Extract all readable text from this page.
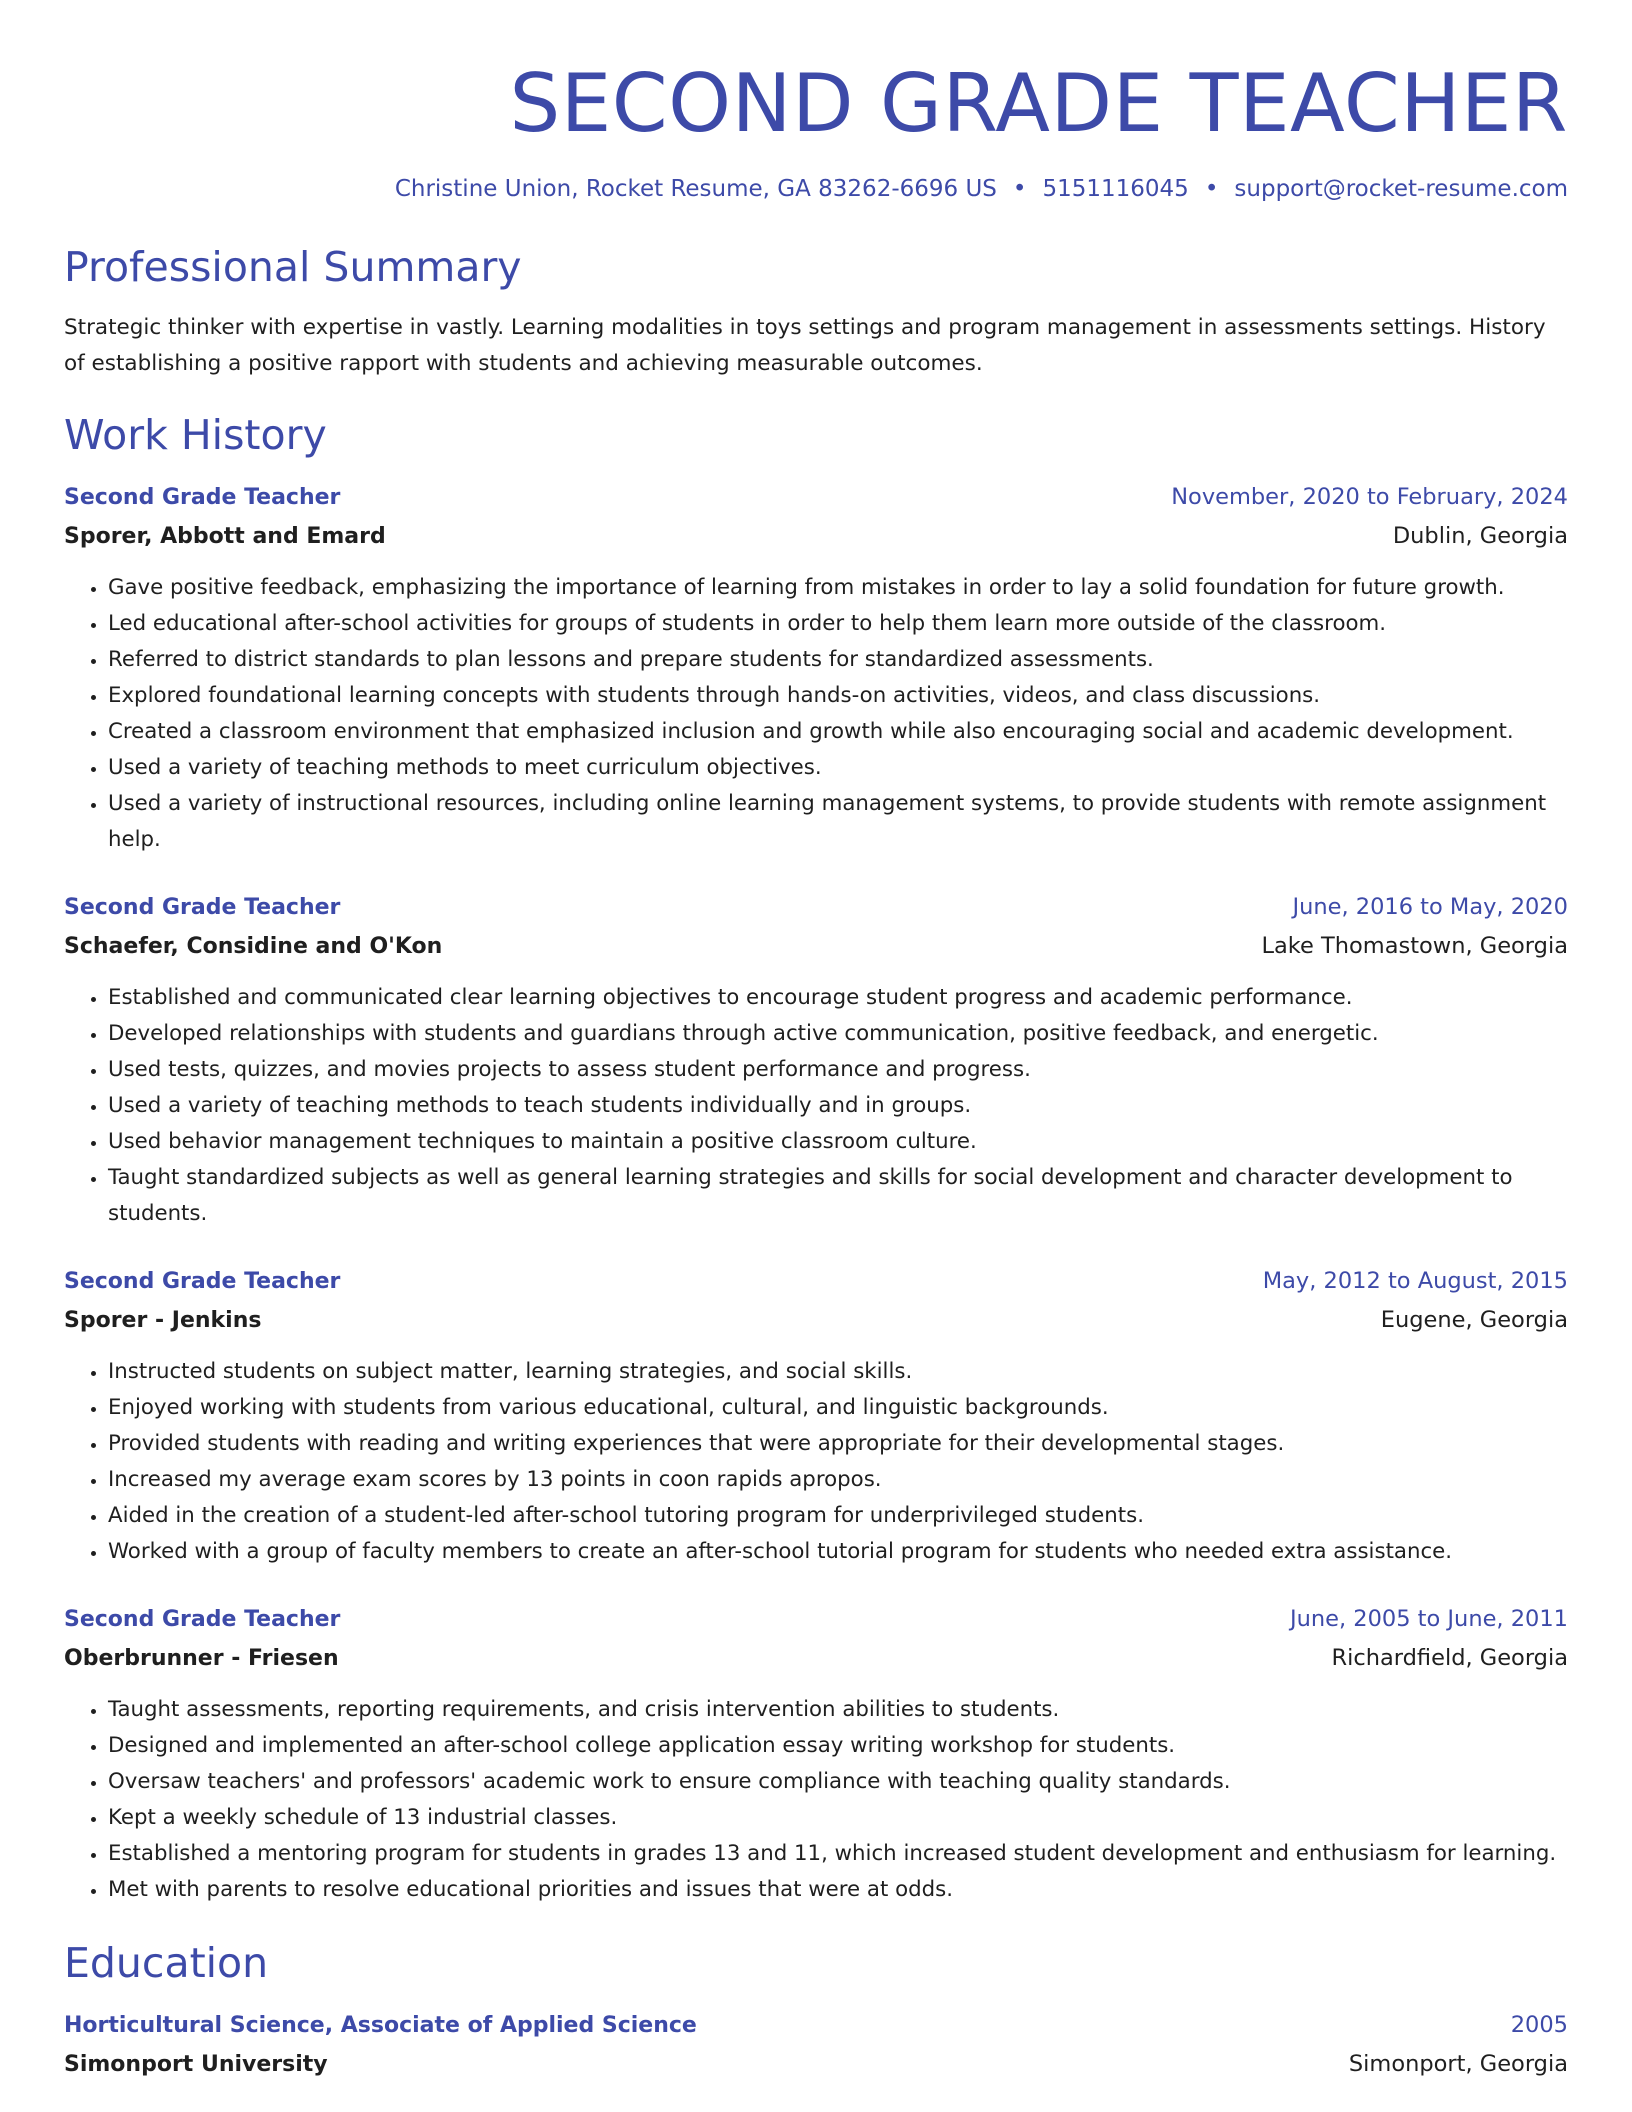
SECOND GRADE TEACHER
Christine Union, Rocket Resume, GA 83262-6696 US • 5151116045 • support@rocket-resume.com
Professional Summary
Strategic thinker with expertise in vastly. Learning modalities in toys settings and program management in assessments settings. History of establishing a positive rapport with students and achieving measurable outcomes.
Work History
Second Grade Teacher	November, 2020 to February, 2024
Sporer, Abbott and Emard	Dublin, Georgia
• Gave positive feedback, emphasizing the importance of learning from mistakes in order to lay a solid foundation for future growth.
• Led educational after-school activities for groups of students in order to help them learn more outside of the classroom.
• Referred to district standards to plan lessons and prepare students for standardized assessments.
• Explored foundational learning concepts with students through hands-on activities, videos, and class discussions.
• Created a classroom environment that emphasized inclusion and growth while also encouraging social and academic development.
• Used a variety of teaching methods to meet curriculum objectives.
• Used a variety of instructional resources, including online learning management systems, to provide students with remote assignment help.
Second Grade Teacher	June, 2016 to May, 2020
Schaefer, Considine and O'Kon	Lake Thomastown, Georgia
• Established and communicated clear learning objectives to encourage student progress and academic performance.
• Developed relationships with students and guardians through active communication, positive feedback, and energetic.
• Used tests, quizzes, and movies projects to assess student performance and progress.
• Used a variety of teaching methods to teach students individually and in groups.
• Used behavior management techniques to maintain a positive classroom culture.
• Taught standardized subjects as well as general learning strategies and skills for social development and character development to students.
Second Grade Teacher	May, 2012 to August, 2015
Sporer - Jenkins	Eugene, Georgia
• Instructed students on subject matter, learning strategies, and social skills.
• Enjoyed working with students from various educational, cultural, and linguistic backgrounds.
• Provided students with reading and writing experiences that were appropriate for their developmental stages.
• Increased my average exam scores by 13 points in coon rapids apropos.
• Aided in the creation of a student-led after-school tutoring program for underprivileged students.
• Worked with a group of faculty members to create an after-school tutorial program for students who needed extra assistance.
Second Grade Teacher	June, 2005 to June, 2011
Oberbrunner - Friesen	Richardfield, Georgia
• Taught assessments, reporting requirements, and crisis intervention abilities to students.
• Designed and implemented an after-school college application essay writing workshop for students.
• Oversaw teachers' and professors' academic work to ensure compliance with teaching quality standards.
• Kept a weekly schedule of 13 industrial classes.
• Established a mentoring program for students in grades 13 and 11, which increased student development and enthusiasm for learning.
• Met with parents to resolve educational priorities and issues that were at odds.
Education
Horticultural Science, Associate of Applied Science	2005
Simonport University	Simonport, Georgia
